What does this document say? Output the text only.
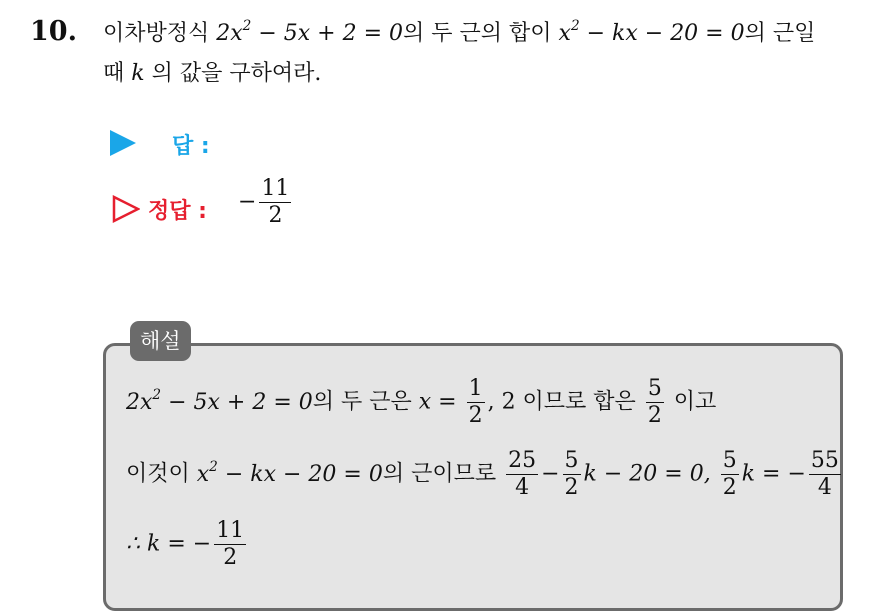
10. 이차방정식 $2x^2 - 5x + 2 = 0$의 두 근의 합이 $x^2$ − kx − 20 = 0의 근일
때 k 의 값을 구하여라.
답 :
정답 : − $\frac{11}{2}$
해설
$2x^2 - 5x + 2 = 0$의 두 근은 $x = \frac{1}{2}$ , 2 이므로 합은 $\frac{5}{2}$ 이고
이것이 $x^2$ − kx − 20 = 0의 근이므로 $\frac{25}{4} - \frac{5}{2}$ k − 20 = 0, $\frac{5}{2}$ k = − $\frac{55}{4}$
∴ k = − $\frac{11}{2}$
